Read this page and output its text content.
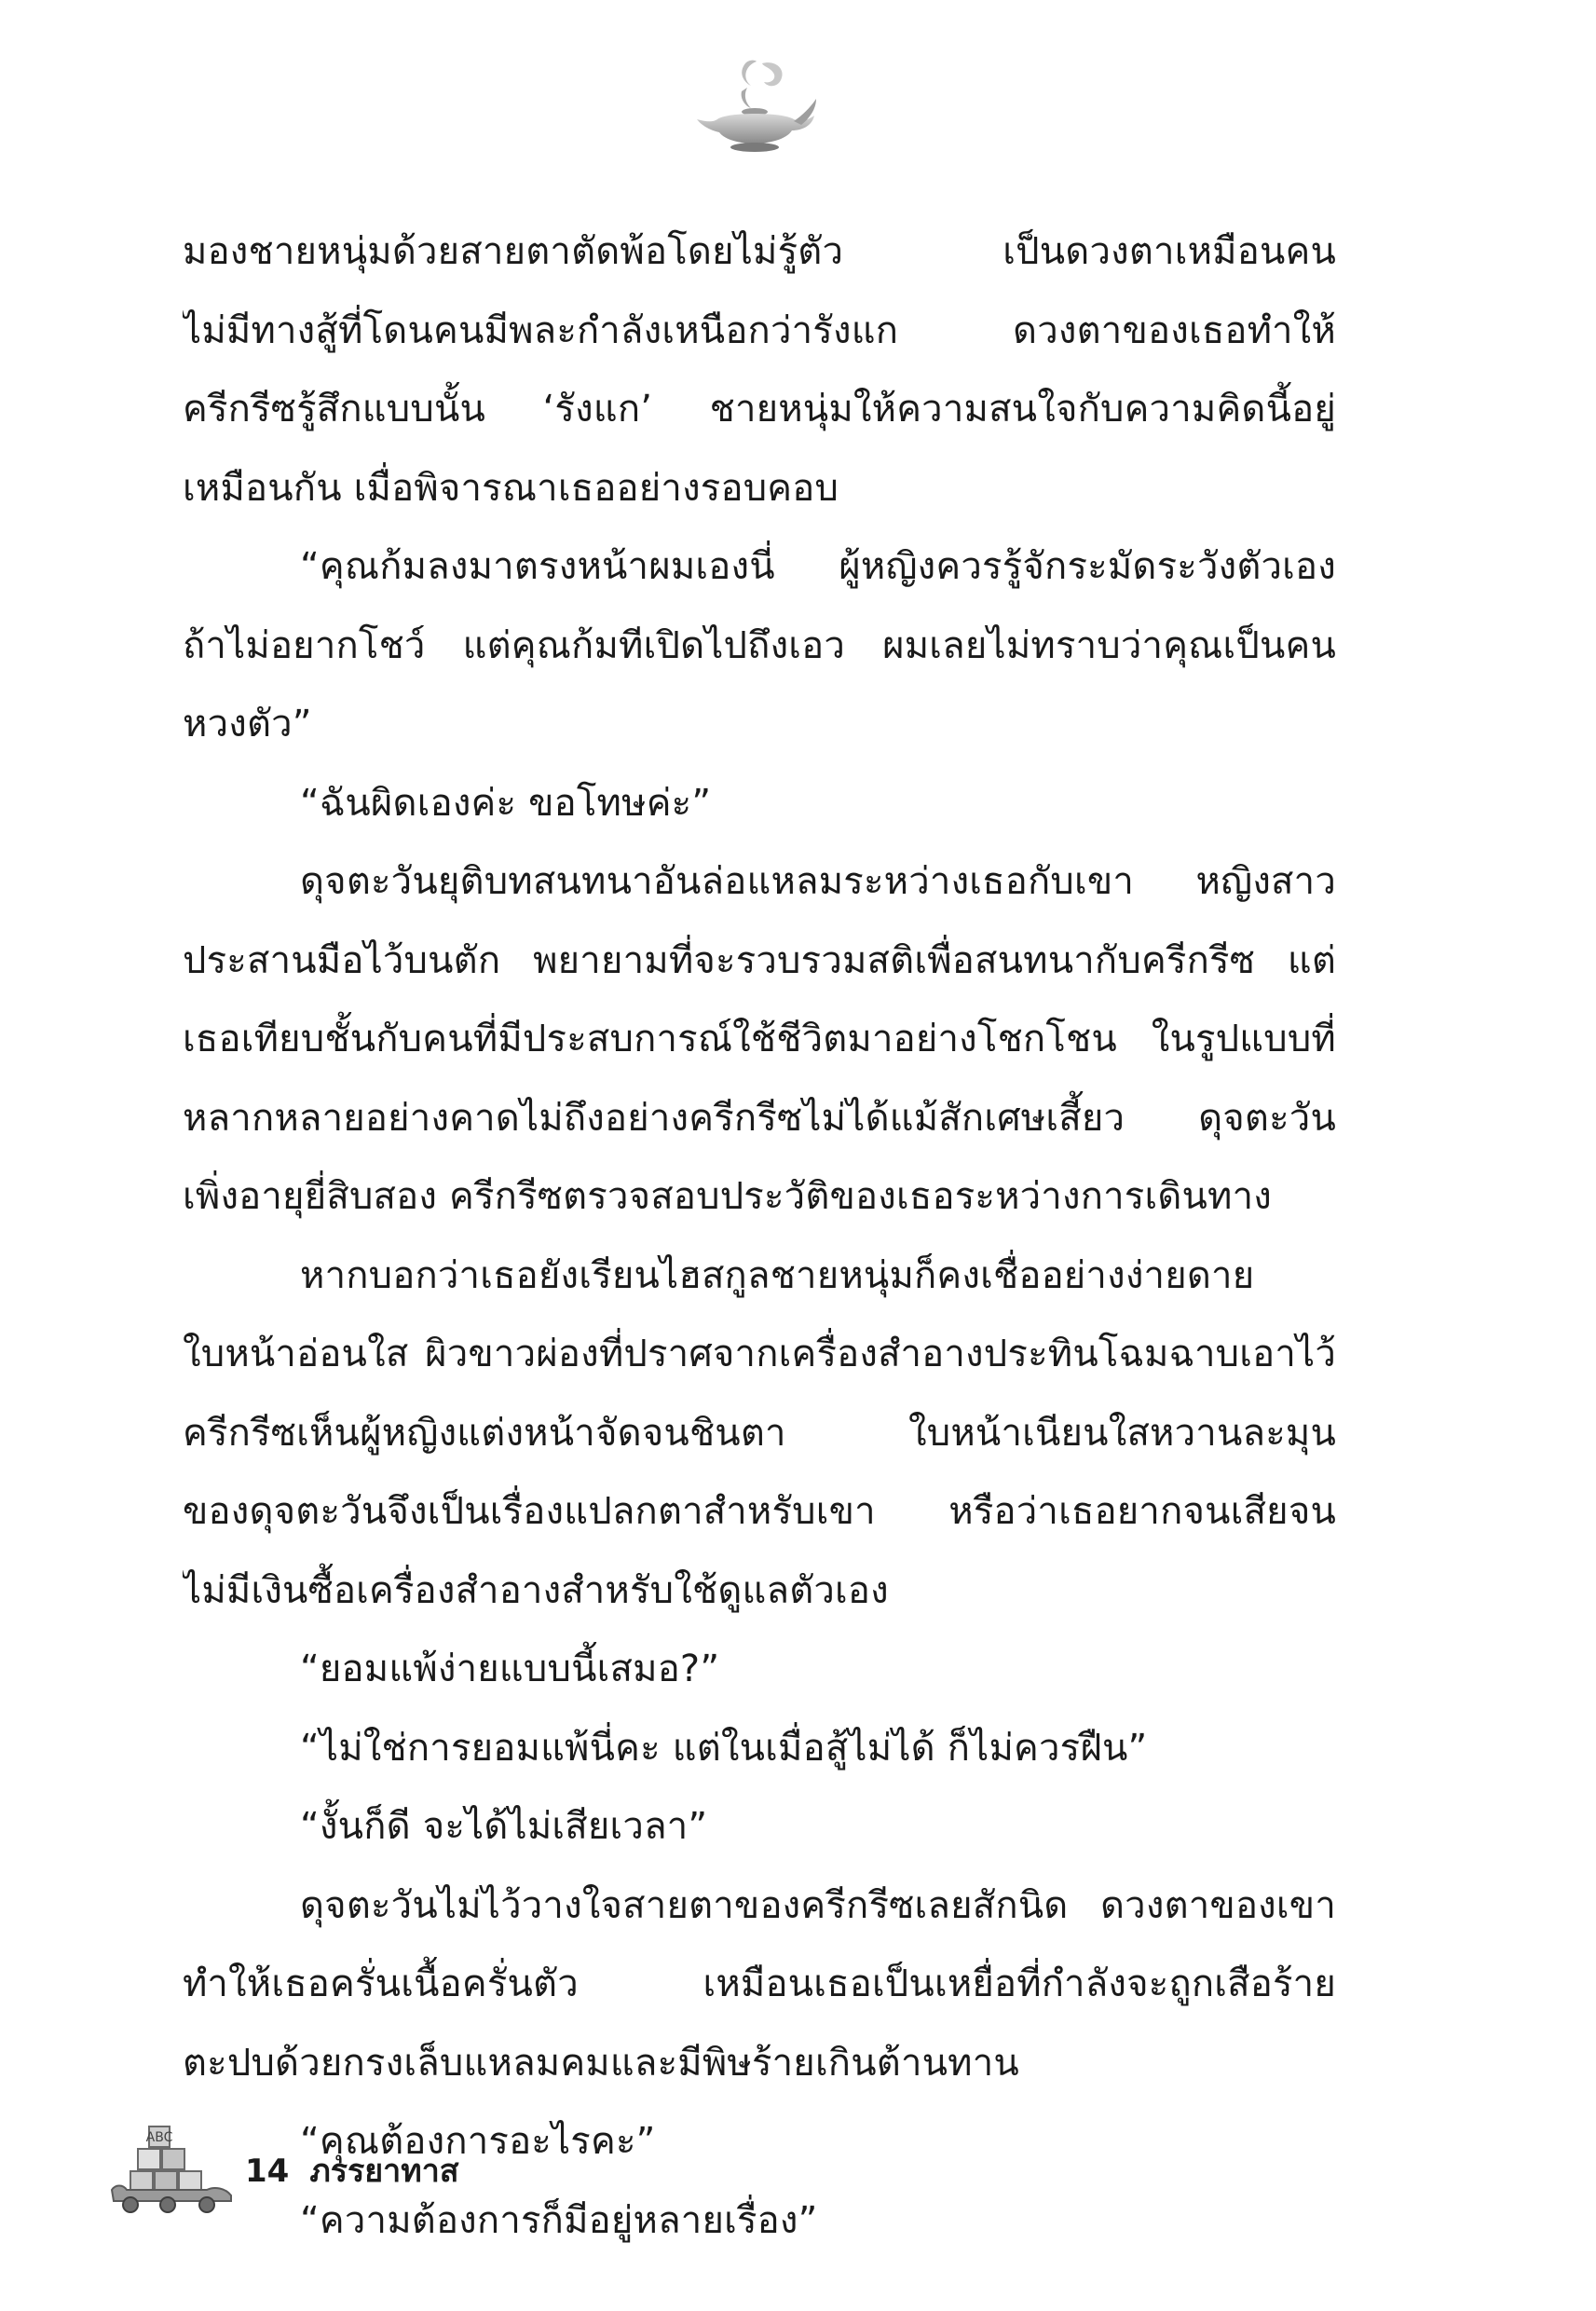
มองชายหนุ่มด้วยสายตาตัดพ้อโดยไม่รู้ตัว เป็นดวงตาเหมือนคน
ไม่มีทางสู้ที่โดนคนมีพละกำลังเหนือกว่ารังแก ดวงตาของเธอทำให้
ครีกรีซรู้สึกแบบนั้น ‘รังแก’ ชายหนุ่มให้ความสนใจกับความคิดนี้อยู่
เหมือนกัน เมื่อพิจารณาเธออย่างรอบคอบ
“คุณก้มลงมาตรงหน้าผมเองนี่ ผู้หญิงควรรู้จักระมัดระวังตัวเอง
ถ้าไม่อยากโชว์ แต่คุณก้มทีเปิดไปถึงเอว ผมเลยไม่ทราบว่าคุณเป็นคน
หวงตัว”
“ฉันผิดเองค่ะ ขอโทษค่ะ”
ดุจตะวันยุติบทสนทนาอันล่อแหลมระหว่างเธอกับเขา หญิงสาว
ประสานมือไว้บนตัก พยายามที่จะรวบรวมสติเพื่อสนทนากับครีกรีซ แต่
เธอเทียบชั้นกับคนที่มีประสบการณ์ใช้ชีวิตมาอย่างโชกโชน ในรูปแบบที่
หลากหลายอย่างคาดไม่ถึงอย่างครีกรีซไม่ได้แม้สักเศษเสี้ยว ดุจตะวัน
เพิ่งอายุยี่สิบสอง ครีกรีซตรวจสอบประวัติของเธอระหว่างการเดินทาง
หากบอกว่าเธอยังเรียนไฮสกูลชายหนุ่มก็คงเชื่ออย่างง่ายดาย
ใบหน้าอ่อนใส ผิวขาวผ่องที่ปราศจากเครื่องสำอางประทินโฉมฉาบเอาไว้
ครีกรีซเห็นผู้หญิงแต่งหน้าจัดจนชินตา ใบหน้าเนียนใสหวานละมุน
ของดุจตะวันจึงเป็นเรื่องแปลกตาสำหรับเขา หรือว่าเธอยากจนเสียจน
ไม่มีเงินซื้อเครื่องสำอางสำหรับใช้ดูแลตัวเอง
“ยอมแพ้ง่ายแบบนี้เสมอ?”
“ไม่ใช่การยอมแพ้นี่คะ แต่ในเมื่อสู้ไม่ได้ ก็ไม่ควรฝืน”
“งั้นก็ดี จะได้ไม่เสียเวลา”
ดุจตะวันไม่ไว้วางใจสายตาของครีกรีซเลยสักนิด ดวงตาของเขา
ทำให้เธอครั่นเนื้อครั่นตัว เหมือนเธอเป็นเหยื่อที่กำลังจะถูกเสือร้าย
ตะปบด้วยกรงเล็บแหลมคมและมีพิษร้ายเกินต้านทาน
“คุณต้องการอะไรคะ”
“ความต้องการก็มีอยู่หลายเรื่อง”
ABC
14 ภรรยาทาส
